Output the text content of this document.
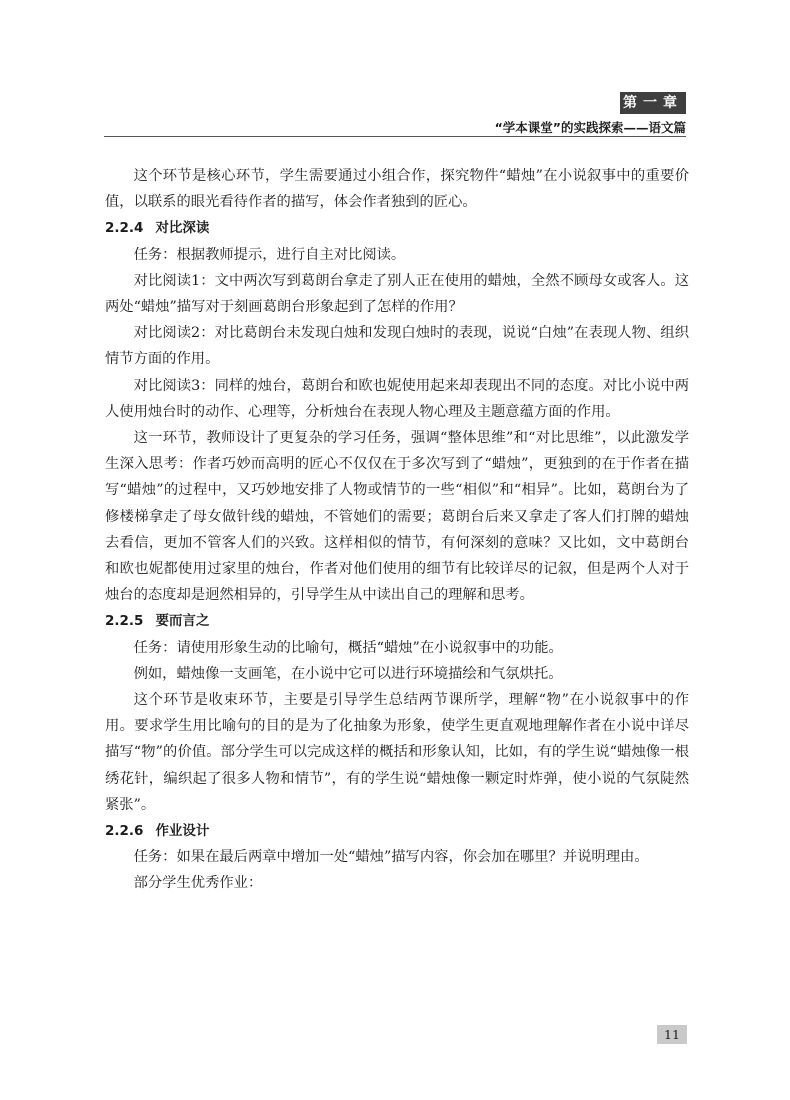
第一章
“学本课堂”的实践探索——语文篇

这个环节是核心环节，学生需要通过小组合作，探究物件“蜡烛”在小说叙事中的重要价值，以联系的眼光看待作者的描写，体会作者独到的匠心。

2.2.4 对比深读

任务：根据教师提示，进行自主对比阅读。

对比阅读1：文中两次写到葛朗台拿走了别人正在使用的蜡烛，全然不顾母女或客人。这两处“蜡烛”描写对于刻画葛朗台形象起到了怎样的作用？

对比阅读2：对比葛朗台未发现白烛和发现白烛时的表现，说说“白烛”在表现人物、组织情节方面的作用。

对比阅读3：同样的烛台，葛朗台和欧也妮使用起来却表现出不同的态度。对比小说中两人使用烛台时的动作、心理等，分析烛台在表现人物心理及主题意蕴方面的作用。

这一环节，教师设计了更复杂的学习任务，强调“整体思维”和“对比思维”，以此激发学生深入思考：作者巧妙而高明的匠心不仅仅在于多次写到了“蜡烛”，更独到的在于作者在描写“蜡烛”的过程中，又巧妙地安排了人物或情节的一些“相似”和“相异”。比如，葛朗台为了修楼梯拿走了母女做针线的蜡烛，不管她们的需要；葛朗台后来又拿走了客人们打牌的蜡烛去看信，更加不管客人们的兴致。这样相似的情节，有何深刻的意味？又比如，文中葛朗台和欧也妮都使用过家里的烛台，作者对他们使用的细节有比较详尽的记叙，但是两个人对于烛台的态度却是迥然相异的，引导学生从中读出自己的理解和思考。

2.2.5 要而言之

任务：请使用形象生动的比喻句，概括“蜡烛”在小说叙事中的功能。

例如，蜡烛像一支画笔，在小说中它可以进行环境描绘和气氛烘托。

这个环节是收束环节，主要是引导学生总结两节课所学，理解“物”在小说叙事中的作用。要求学生用比喻句的目的是为了化抽象为形象，使学生更直观地理解作者在小说中详尽描写“物”的价值。部分学生可以完成这样的概括和形象认知，比如，有的学生说“蜡烛像一根绣花针，编织起了很多人物和情节”，有的学生说“蜡烛像一颗定时炸弹，使小说的气氛陡然紧张”。

2.2.6 作业设计

任务：如果在最后两章中增加一处“蜡烛”描写内容，你会加在哪里？并说明理由。

部分学生优秀作业：

11
